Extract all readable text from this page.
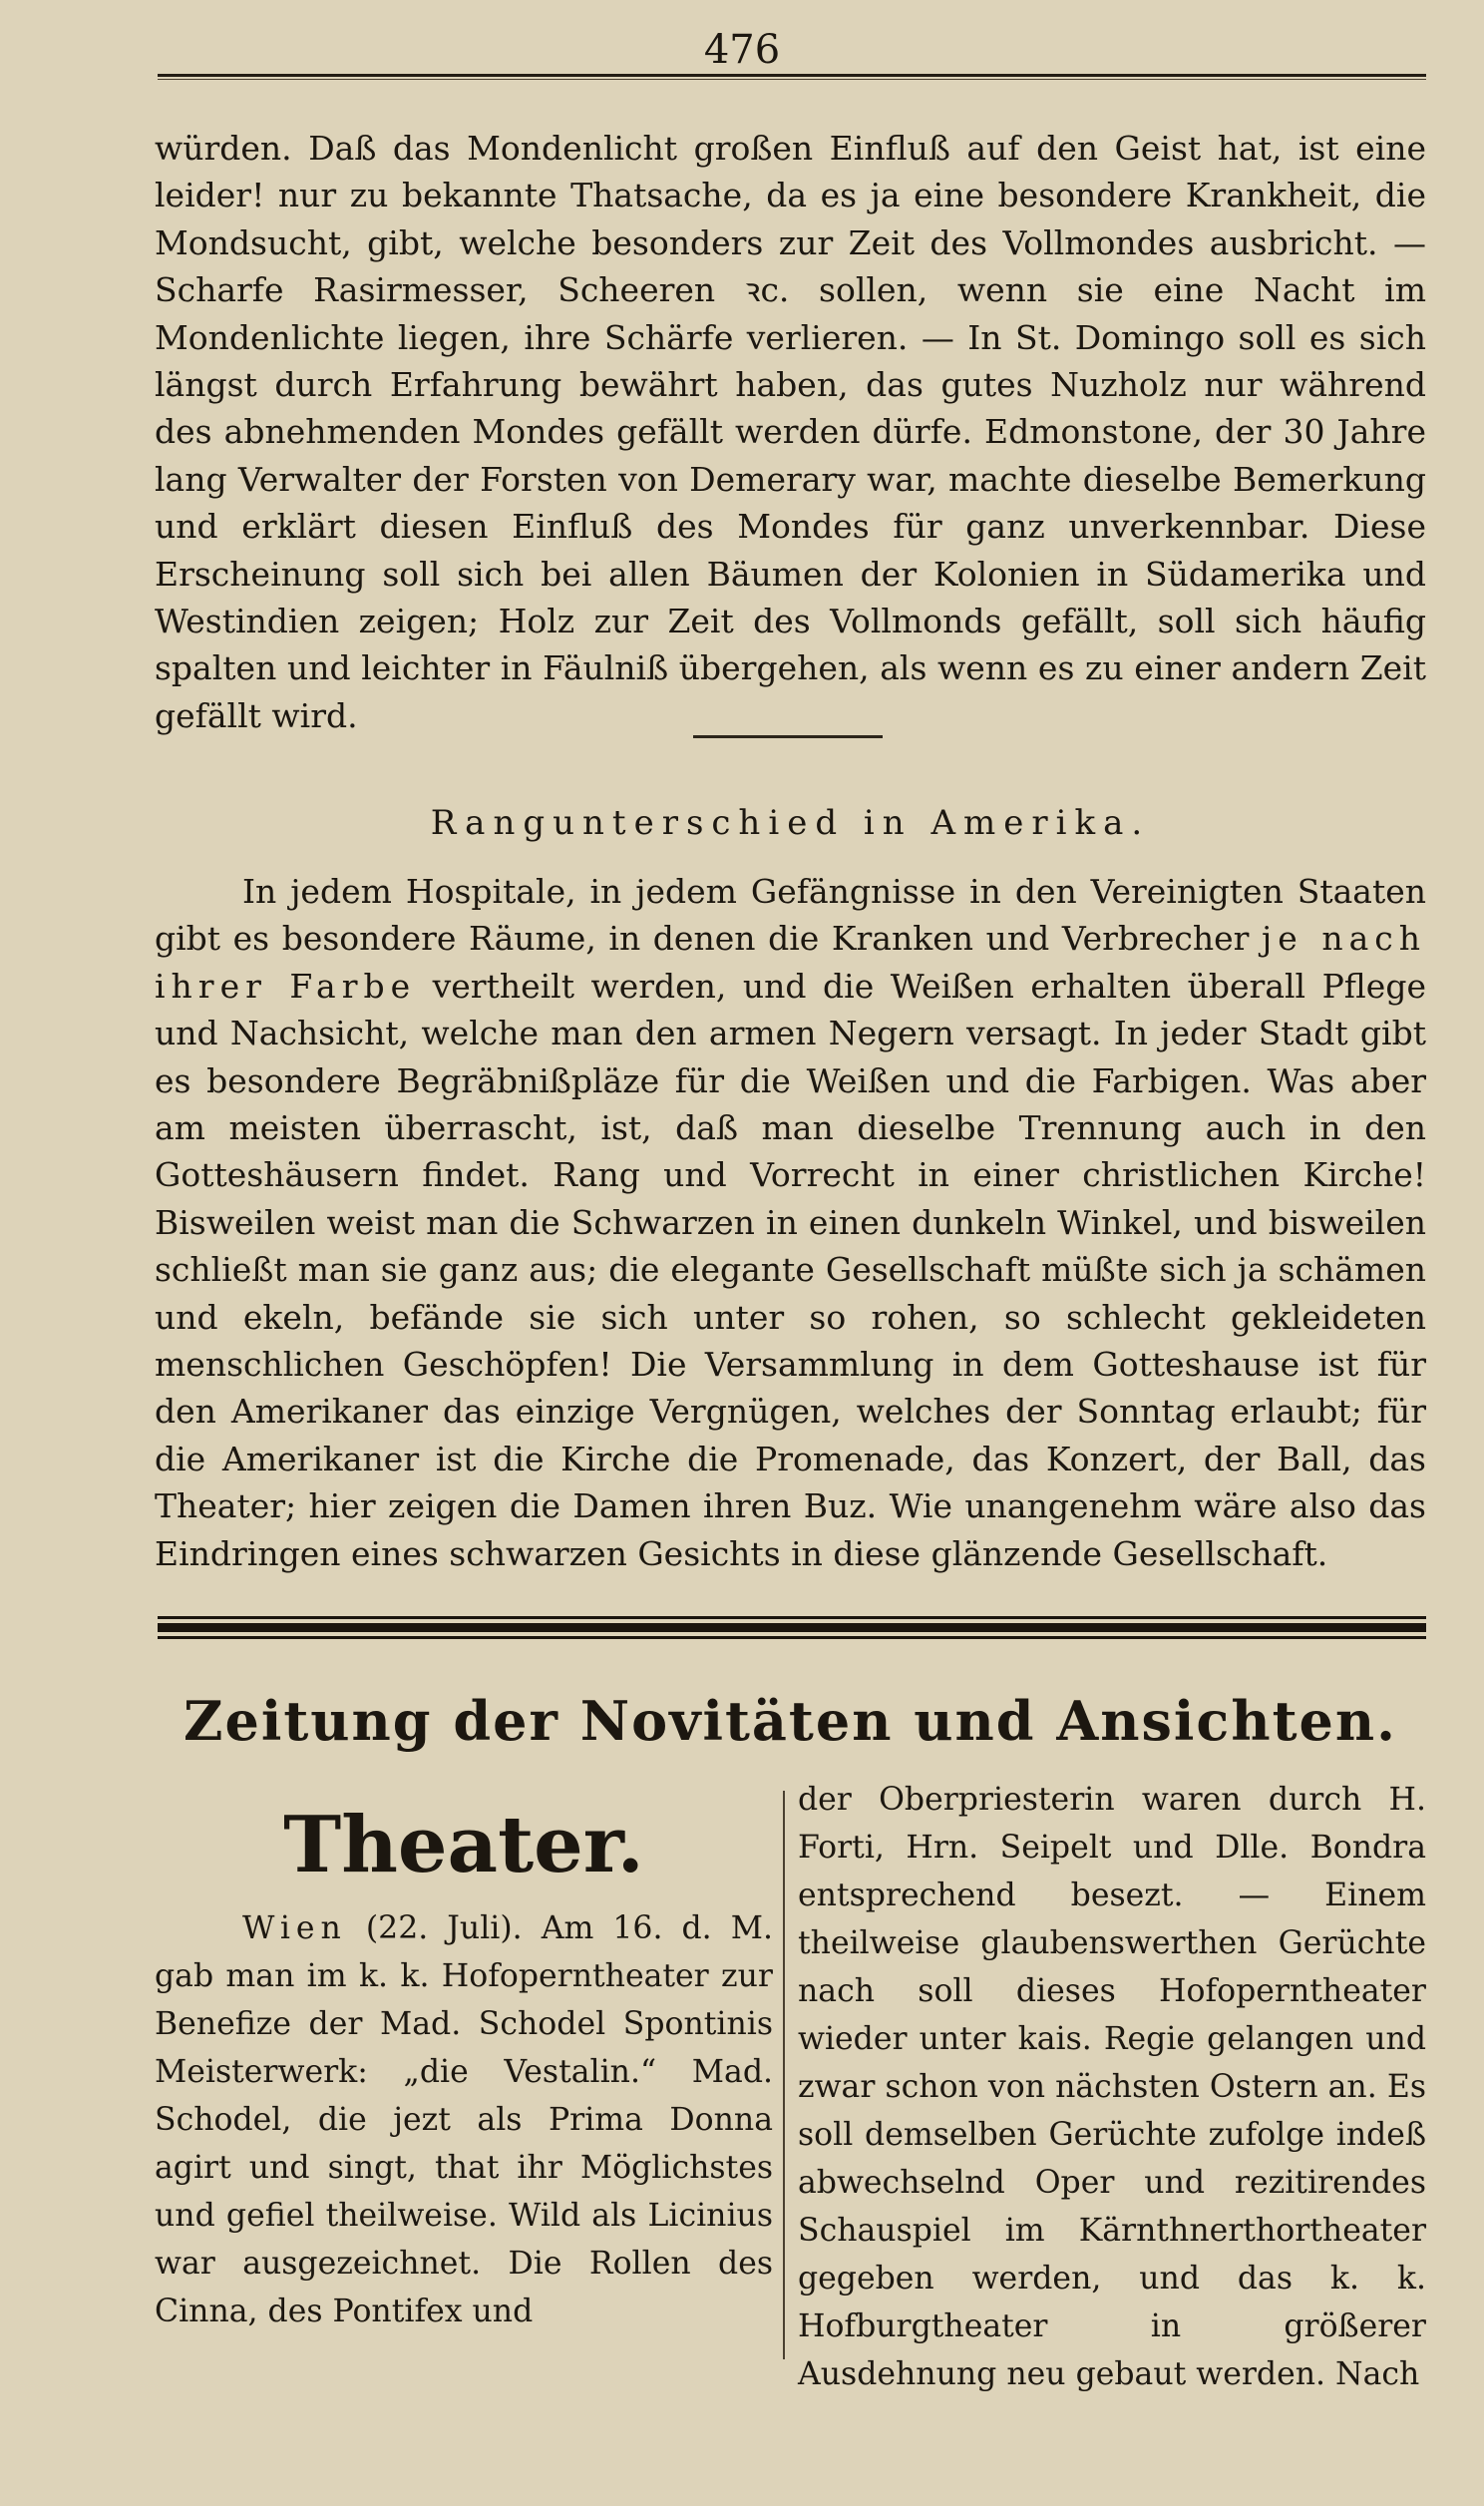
476

würden. Daß das Mondenlicht großen Einfluß auf den Geist hat, ist eine leider! nur zu bekannte Thatsache, da es ja eine besondere Krankheit, die Mondsucht, gibt, welche besonders zur Zeit des Vollmondes ausbricht. — Scharfe Rasirmesser, Scheeren ꝛc. sollen, wenn sie eine Nacht im Mondenlichte liegen, ihre Schärfe verlieren. — In St. Domingo soll es sich längst durch Erfahrung bewährt haben, das gutes Nuzholz nur während des abnehmenden Mondes gefällt werden dürfe. Edmonstone, der 30 Jahre lang Verwalter der Forsten von Demerary war, machte dieselbe Bemerkung und erklärt diesen Einfluß des Mondes für ganz unverkennbar. Diese Erscheinung soll sich bei allen Bäumen der Kolonien in Südamerika und Westindien zeigen; Holz zur Zeit des Vollmonds gefällt, soll sich häufig spalten und leichter in Fäulniß übergehen, als wenn es zu einer andern Zeit gefällt wird.

Rangunterschied in Amerika.

In jedem Hospitale, in jedem Gefängnisse in den Vereinigten Staaten gibt es besondere Räume, in denen die Kranken und Verbrecher je nach ihrer Farbe vertheilt werden, und die Weißen erhalten überall Pflege und Nachsicht, welche man den armen Negern versagt. In jeder Stadt gibt es besondere Begräbnißpläze für die Weißen und die Farbigen. Was aber am meisten überrascht, ist, daß man dieselbe Trennung auch in den Gotteshäusern findet. Rang und Vorrecht in einer christlichen Kirche! Bisweilen weist man die Schwarzen in einen dunkeln Winkel, und bisweilen schließt man sie ganz aus; die elegante Gesellschaft müßte sich ja schämen und ekeln, befände sie sich unter so rohen, so schlecht gekleideten menschlichen Geschöpfen! Die Versammlung in dem Gotteshause ist für den Amerikaner das einzige Vergnügen, welches der Sonntag erlaubt; für die Amerikaner ist die Kirche die Promenade, das Konzert, der Ball, das Theater; hier zeigen die Damen ihren Buz. Wie unangenehm wäre also das Eindringen eines schwarzen Gesichts in diese glänzende Gesellschaft.

Zeitung der Novitäten und Ansichten.
Theater.

Wien (22. Juli). Am 16. d. M. gab man im k. k. Hofoperntheater zur Benefize der Mad. Schodel Spontinis Meisterwerk: „die Vestalin.“ Mad. Schodel, die jezt als Prima Donna agirt und singt, that ihr Möglichstes und gefiel theilweise. Wild als Licinius war ausgezeichnet. Die Rollen des Cinna, des Pontifex und

der Oberpriesterin waren durch H. Forti, Hrn. Seipelt und Dlle. Bondra entsprechend besezt. — Einem theilweise glaubenswerthen Gerüchte nach soll dieses Hofoperntheater wieder unter kais. Regie gelangen und zwar schon von nächsten Ostern an. Es soll demselben Gerüchte zufolge indeß abwechselnd Oper und rezitirendes Schauspiel im Kärnthnerthortheater gegeben werden, und das k. k. Hofburgtheater in größerer Ausdehnung neu gebaut werden. Nach
